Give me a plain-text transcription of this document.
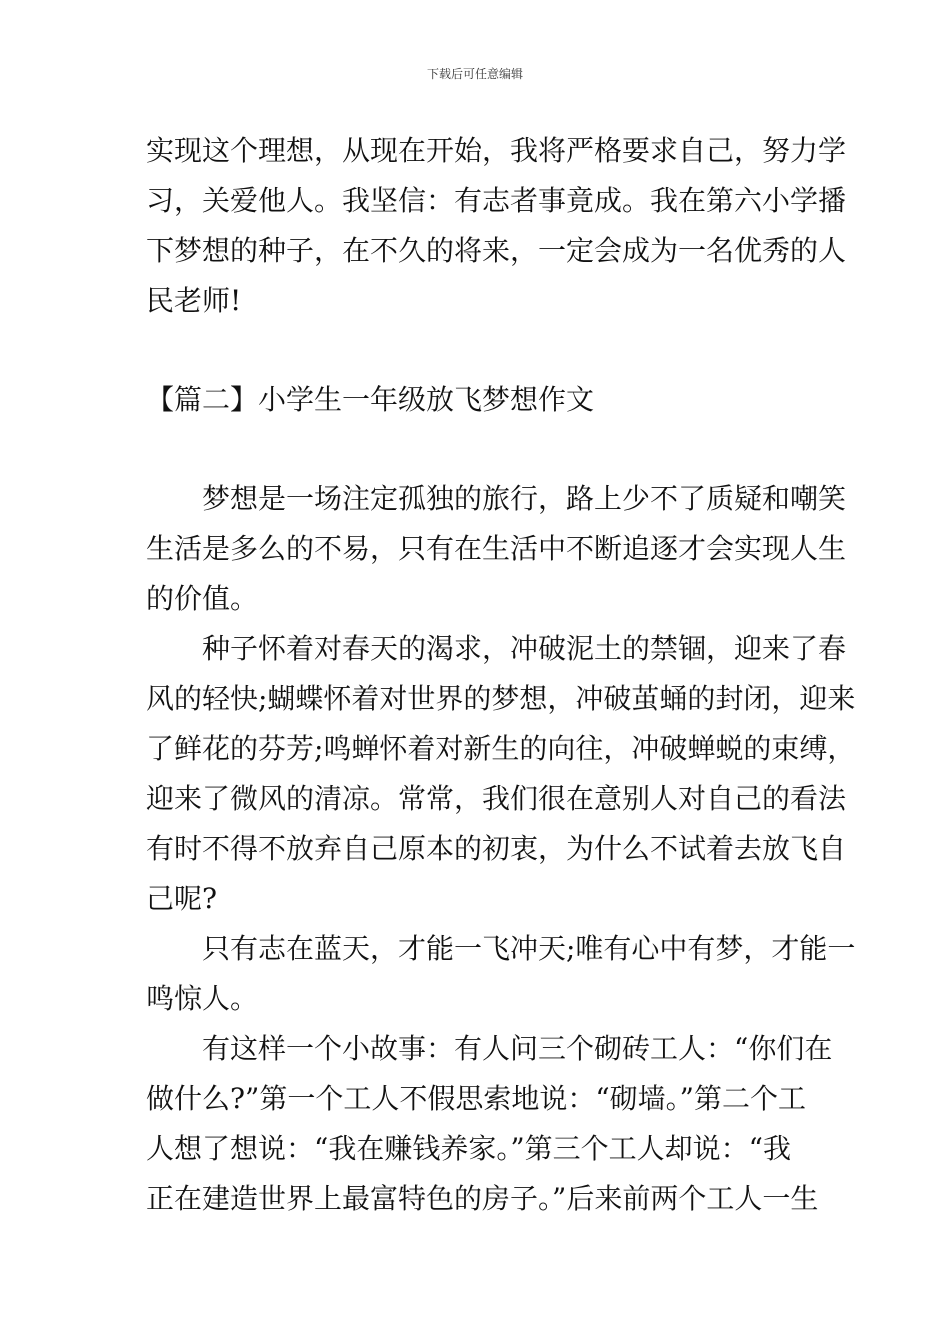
下载后可任意编辑
实现这个理想，从现在开始，我将严格要求自己，努力学
习，关爱他人。我坚信：有志者事竟成。我在第六小学播
下梦想的种子，在不久的将来，一定会成为一名优秀的人
民老师!
【篇二】小学生一年级放飞梦想作文
梦想是一场注定孤独的旅行，路上少不了质疑和嘲笑
生活是多么的不易，只有在生活中不断追逐才会实现人生
的价值。
种子怀着对春天的渴求，冲破泥土的禁锢，迎来了春
风的轻快;蝴蝶怀着对世界的梦想，冲破茧蛹的封闭，迎来
了鲜花的芬芳;鸣蝉怀着对新生的向往，冲破蝉蜕的束缚，
迎来了微风的清凉。常常，我们很在意别人对自己的看法
有时不得不放弃自己原本的初衷，为什么不试着去放飞自
己呢?
只有志在蓝天，才能一飞冲天;唯有心中有梦，才能一
鸣惊人。
有这样一个小故事：有人问三个砌砖工人：“你们在
做什么?”第一个工人不假思索地说：“砌墙。”第二个工
人想了想说：“我在赚钱养家。”第三个工人却说：“我
正在建造世界上最富特色的房子。”后来前两个工人一生
